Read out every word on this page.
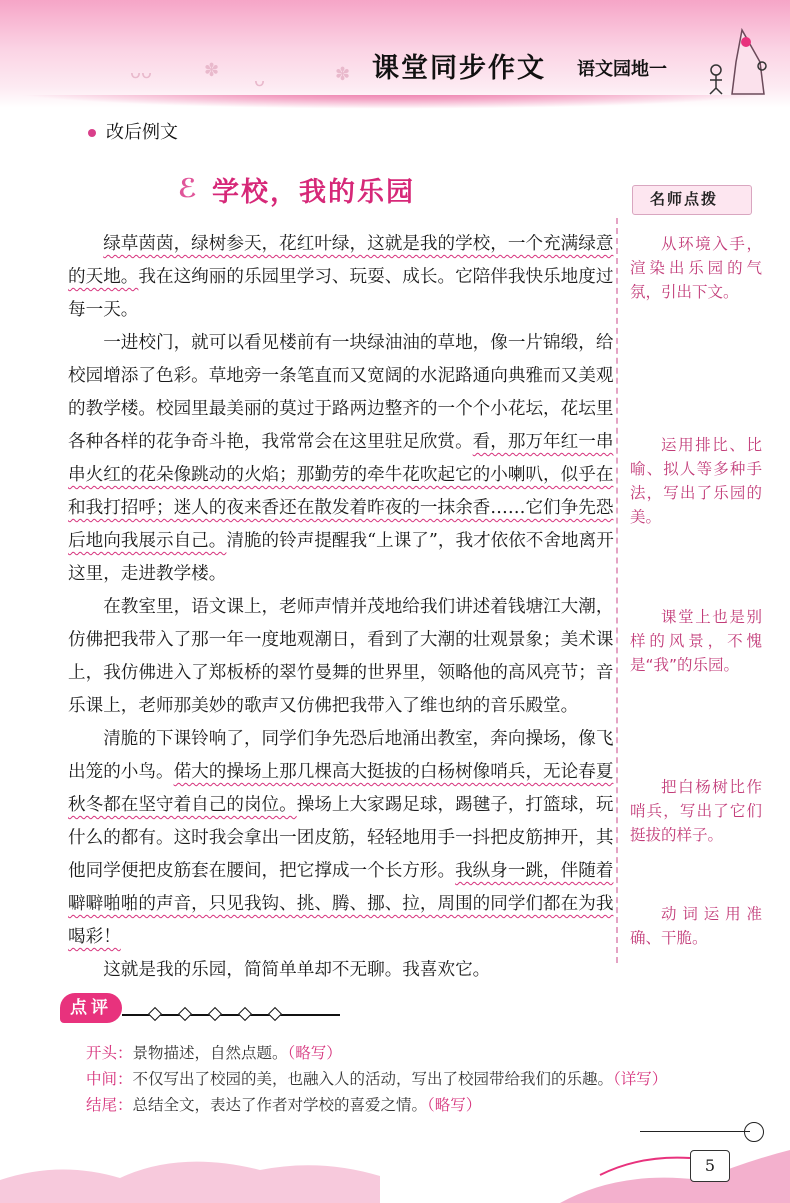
ᴗᴗ	✽ ᴗ	✽ 课堂同步作文 语文园地一
改后例文
ℰ 学校，我的乐园

绿草茵茵，绿树参天，花红叶绿，这就是我的学校，一个充满绿意的天地。我在这绚丽的乐园里学习、玩耍、成长。它陪伴我快乐地度过每一天。

一进校门，就可以看见楼前有一块绿油油的草地，像一片锦缎，给校园增添了色彩。草地旁一条笔直而又宽阔的水泥路通向典雅而又美观的教学楼。校园里最美丽的莫过于路两边整齐的一个个小花坛，花坛里各种各样的花争奇斗艳，我常常会在这里驻足欣赏。看，那万年红一串串火红的花朵像跳动的火焰；那勤劳的牵牛花吹起它的小喇叭，似乎在和我打招呼；迷人的夜来香还在散发着昨夜的一抹余香……它们争先恐后地向我展示自己。清脆的铃声提醒我“上课了”，我才依依不舍地离开这里，走进教学楼。

在教室里，语文课上，老师声情并茂地给我们讲述着钱塘江大潮，仿佛把我带入了那一年一度地观潮日，看到了大潮的壮观景象；美术课上，我仿佛进入了郑板桥的翠竹曼舞的世界里，领略他的高风亮节；音乐课上，老师那美妙的歌声又仿佛把我带入了维也纳的音乐殿堂。

清脆的下课铃响了，同学们争先恐后地涌出教室，奔向操场，像飞出笼的小鸟。偌大的操场上那几棵高大挺拔的白杨树像哨兵，无论春夏秋冬都在坚守着自己的岗位。操场上大家踢足球，踢毽子，打篮球，玩什么的都有。这时我会拿出一团皮筋，轻轻地用手一抖把皮筋抻开，其他同学便把皮筋套在腰间，把它撑成一个长方形。我纵身一跳，伴随着噼噼啪啪的声音，只见我钩、挑、腾、挪、拉，周围的同学们都在为我喝彩！

这就是我的乐园，简简单单却不无聊。我喜欢它。

名师点拨
从环境入手，渲染出乐园的气氛，引出下文。
运用排比、比喻、拟人等多种手法，写出了乐园的美。
课堂上也是别样的风景，不愧是“我”的乐园。
把白杨树比作哨兵，写出了它们挺拔的样子。
动词运用准确、干脆。
点评
开头：景物描述，自然点题。（略写）
中间：不仅写出了校园的美，也融入人的活动，写出了校园带给我们的乐趣。（详写）
结尾：总结全文，表达了作者对学校的喜爱之情。（略写）
5
